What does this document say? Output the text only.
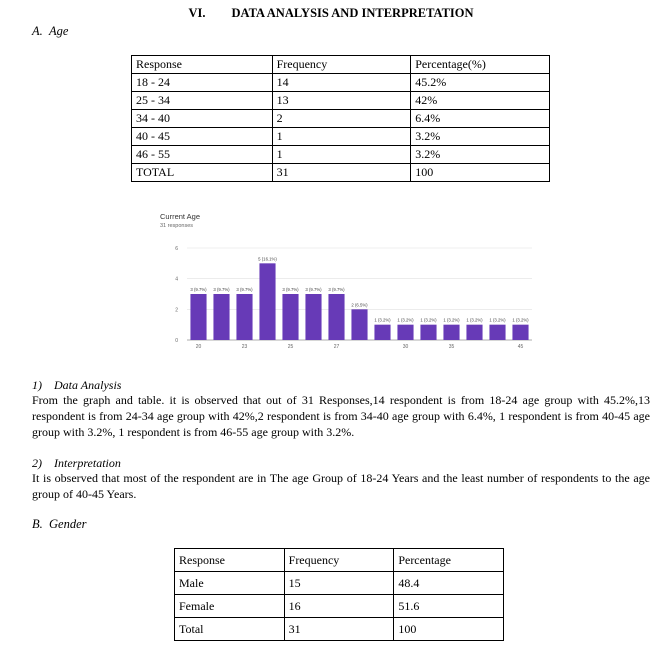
VI. DATA ANALYSIS AND INTERPRETATION
A. Age
Response	Frequency	Percentage(%)
18 - 24	14	45.2%
25 - 34	13	42%
34 - 40	2	6.4%
40 - 45	1	3.2%
46 - 55	1	3.2%
TOTAL	31	100
Current Age
31 responses
0
2
4
6
3 (9.7%) 3 (9.7%) 3 (9.7%)
5 (16.1%)
3 (9.7%) 3 (9.7%) 3 (9.7%)
2 (6.5%)
1 (3.2%) 1 (3.2%) 1 (3.2%) 1 (3.2%) 1 (3.2%) 1 (3.2%) 1 (3.2%)
20	23	25	27	30	35	45
1) Data Analysis
From the graph and table. it is observed that out of 31 Responses,14 respondent is from 18-24 age group with 45.2%,13 respondent is from 24-34 age group with 42%,2 respondent is from 34-40 age group with 6.4%, 1 respondent is from 40-45 age group with 3.2%, 1 respondent is from 46-55 age group with 3.2%.
2) Interpretation
It is observed that most of the respondent are in The age Group of 18-24 Years and the least number of respondents to the age group of 40-45 Years.
B. Gender
Response	Frequency	Percentage
Male	15	48.4
Female	16	51.6
Total	31	100
